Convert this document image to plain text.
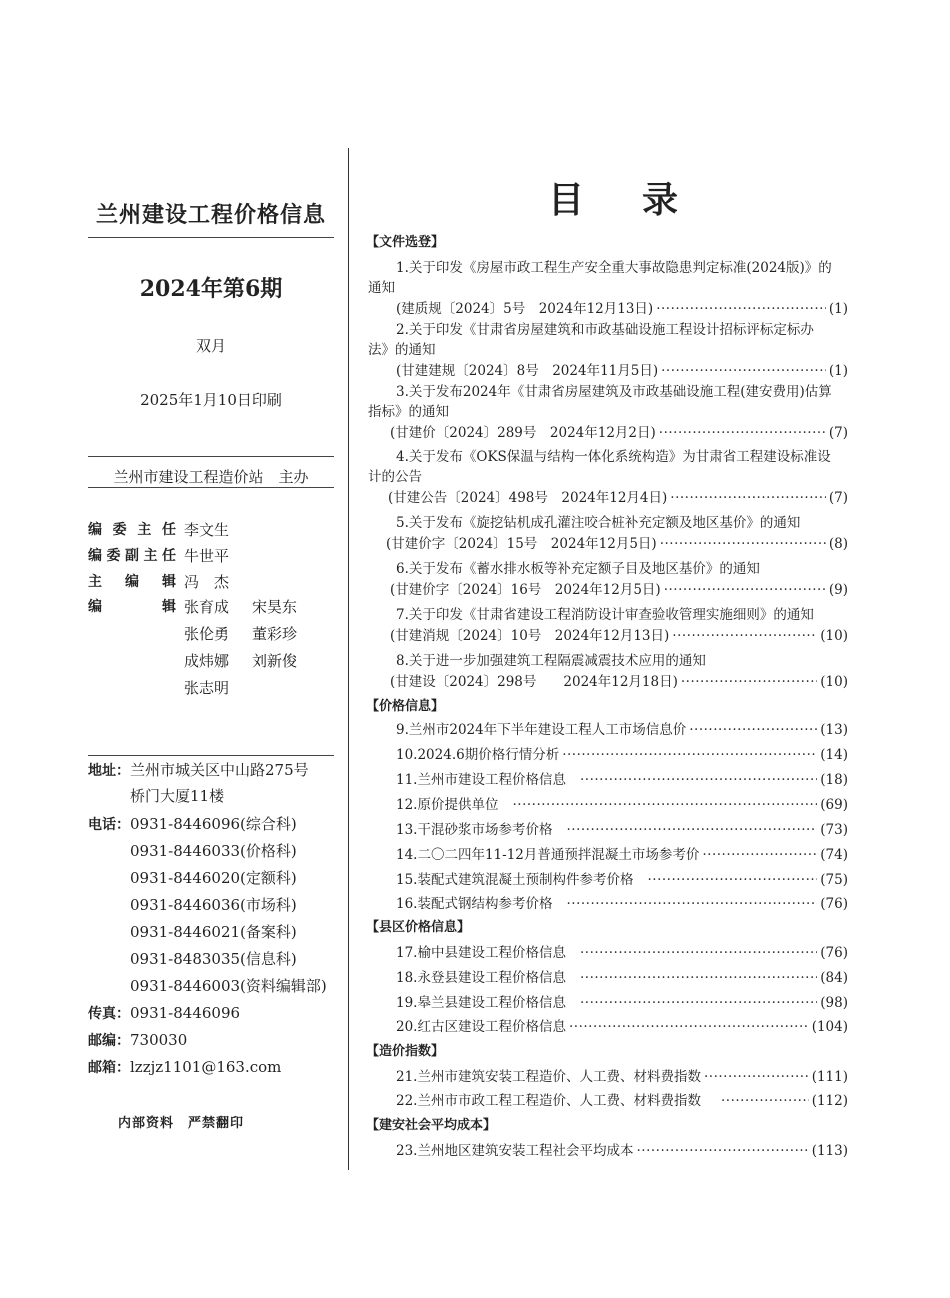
兰州建设工程价格信息
2024年第6期
双月
2025年1月10日印刷
兰州市建设工程造价站　主办
编 委 主 任 李文生
编 委 副 主 任 牛世平
主 编 辑 冯　杰
编	辑 张育成	宋昊东
张伦勇	董彩珍
成炜娜	刘新俊
张志明
地址：兰州市城关区中山路275号
桥门大厦11楼
电话：0931-8446096(综合科)
0931-8446033(价格科)
0931-8446020(定额科)
0931-8446036(市场科)
0931-8446021(备案科)
0931-8483035(信息科)
0931-8446003(资料编辑部)
传真：0931-8446096
邮编：730030
邮箱：lzzjz1101@163.com
内部资料　严禁翻印
目 录
【文件选登】
1.关于印发《房屋市政工程生产安全重大事故隐患判定标准(2024版)》的
通知
(建质规〔2024〕5号　2024年12月13日) ·····	(1)
2.关于印发《甘肃省房屋建筑和市政基础设施工程设计招标评标定标办
法》的通知
(甘建建规〔2024〕8号　2024年11月5日) ·····	(1)
3.关于发布2024年《甘肃省房屋建筑及市政基础设施工程(建安费用)估算
指标》的通知
(甘建价〔2024〕289号　2024年12月2日) ·····	(7)
4.关于发布《OKS保温与结构一体化系统构造》为甘肃省工程建设标准设
计的公告
(甘建公告〔2024〕498号　2024年12月4日) ·····	(7)
5.关于发布《旋挖钻机成孔灌注咬合桩补充定额及地区基价》的通知
(甘建价字〔2024〕15号　2024年12月5日) ·····	(8)
6.关于发布《蓄水排水板等补充定额子目及地区基价》的通知
(甘建价字〔2024〕16号　2024年12月5日) ·····	(9)
7.关于印发《甘肃省建设工程消防设计审查验收管理实施细则》的通知
(甘建消规〔2024〕10号　2024年12月13日) ·····	(10)
8.关于进一步加强建筑工程隔震减震技术应用的通知
(甘建设〔2024〕298号　　2024年12月18日) ·····	(10)
【价格信息】
9.兰州市2024年下半年建设工程人工市场信息价 ·····	(13)
10.2024.6期价格行情分析 ·····	(14)
11.兰州市建设工程价格信息 ·····	(18)
12.原价提供单位 ·····	(69)
13.干混砂浆市场参考价格 ·····	(73)
14.二〇二四年11-12月普通预拌混凝土市场参考价 ·····	(74)
15.装配式建筑混凝土预制构件参考价格 ·····	(75)
16.装配式钢结构参考价格 ·····	(76)
【县区价格信息】
17.榆中县建设工程价格信息 ·····	(76)
18.永登县建设工程价格信息 ·····	(84)
19.皋兰县建设工程价格信息 ·····	(98)
20.红古区建设工程价格信息 ·····	(104)
【造价指数】
21.兰州市建筑安装工程造价、人工费、材料费指数 ·····	(111)
22.兰州市市政工程工程造价、人工费、材料费指数 ·····	(112)
【建安社会平均成本】
23.兰州地区建筑安装工程社会平均成本 ·····	(113)
